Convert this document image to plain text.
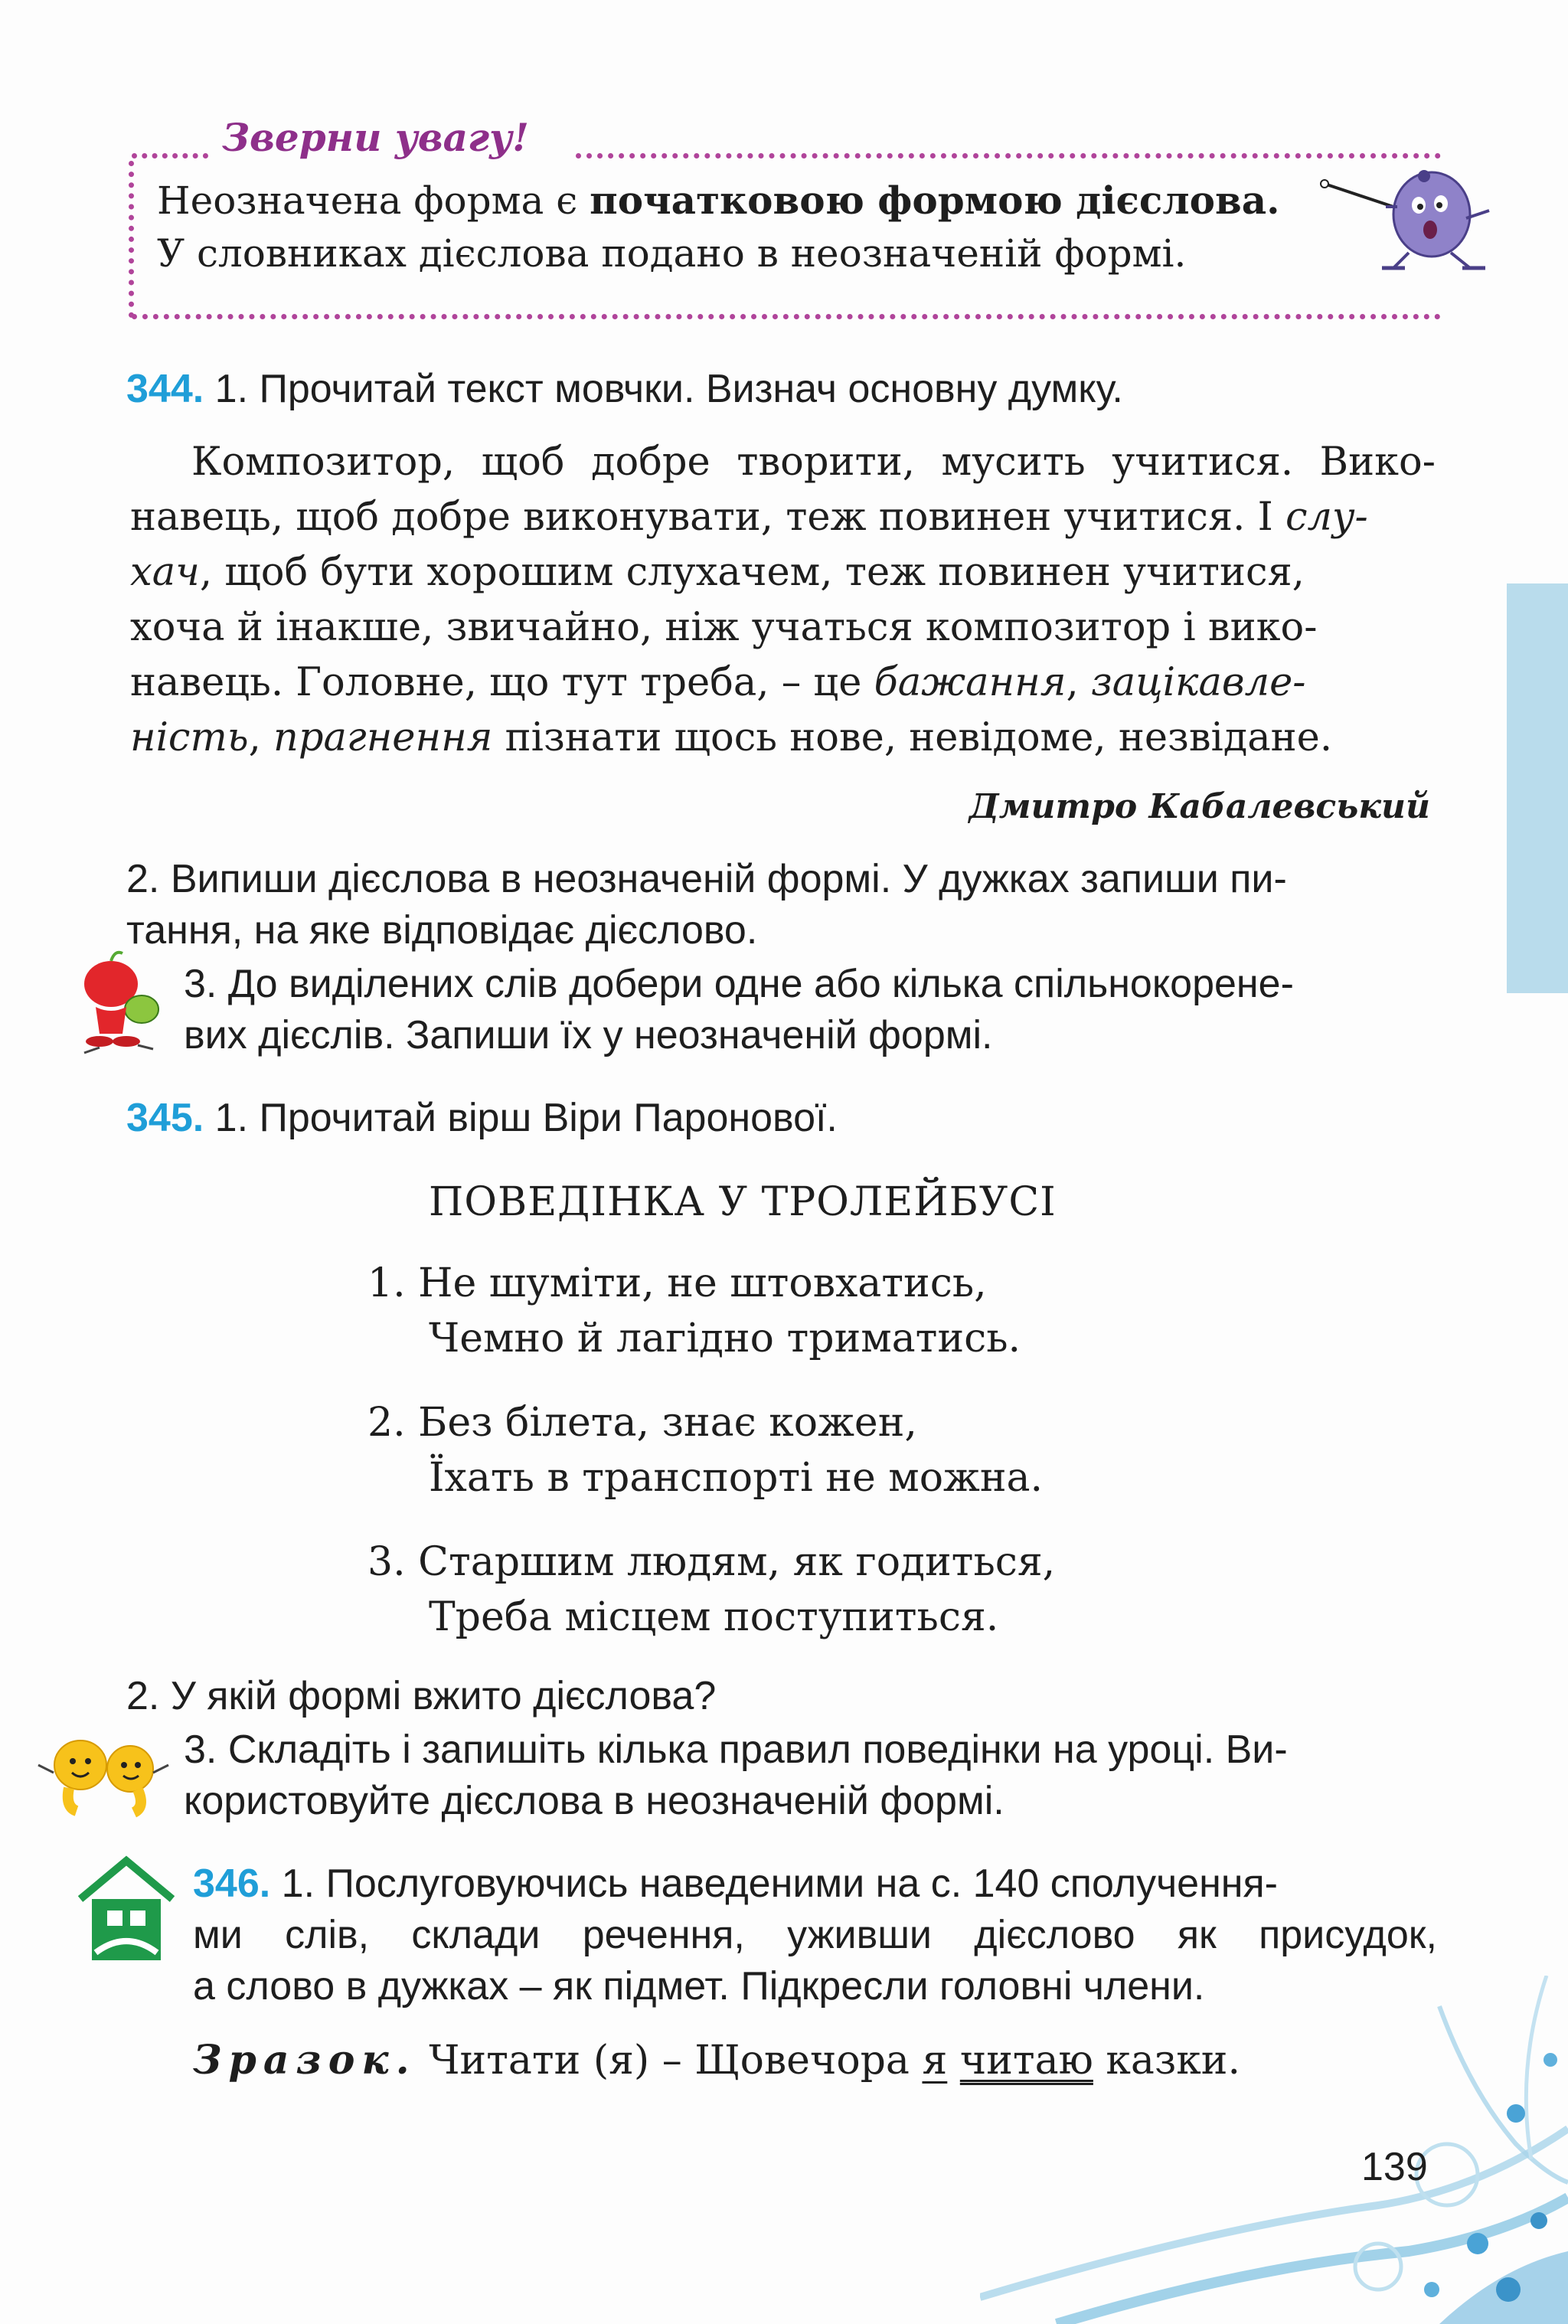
Зверни увагу!
Неозначена форма є початковою формою дієслова.
У словниках дієслова подано в неозначеній формі.
344. 1. Прочитай текст мовчки. Визнач основну думку.
Композитор, щоб добре творити, мусить учитися. Вико-
навець, щоб добре виконувати, теж повинен учитися. І слу-
хач, щоб бути хорошим слухачем, теж повинен учитися,
хоча й інакше, звичайно, ніж учаться композитор і вико-
навець. Головне, що тут треба, – це бажання, зацікавле-
ність, прагнення пізнати щось нове, невідоме, незвідане.
Дмитро Кабалевський
2. Випиши дієслова в неозначеній формі. У дужках запиши пи-
тання, на яке відповідає дієслово.
3. До виділених слів добери одне або кілька спільнокорене-
вих дієслів. Запиши їх у неозначеній формі.
345. 1. Прочитай вірш Віри Паронової.
ПОВЕДІНКА У ТРОЛЕЙБУСІ
1. Не шуміти, не штовхатись,
Чемно й лагідно триматись.
2. Без білета, знає кожен,
Їхать в транспорті не можна.
3. Старшим людям, як годиться,
Треба місцем поступиться.
2. У якій формі вжито дієслова?
3. Складіть і запишіть кілька правил поведінки на уроці. Ви-
користовуйте дієслова в неозначеній формі.
346. 1. Послуговуючись наведеними на с. 140 сполучення-
ми слів, склади речення, уживши дієслово як присудок,
а слово в дужках – як підмет. Підкресли головні члени.
Зразок. Читати (я) – Щовечора я читаю казки.
139
